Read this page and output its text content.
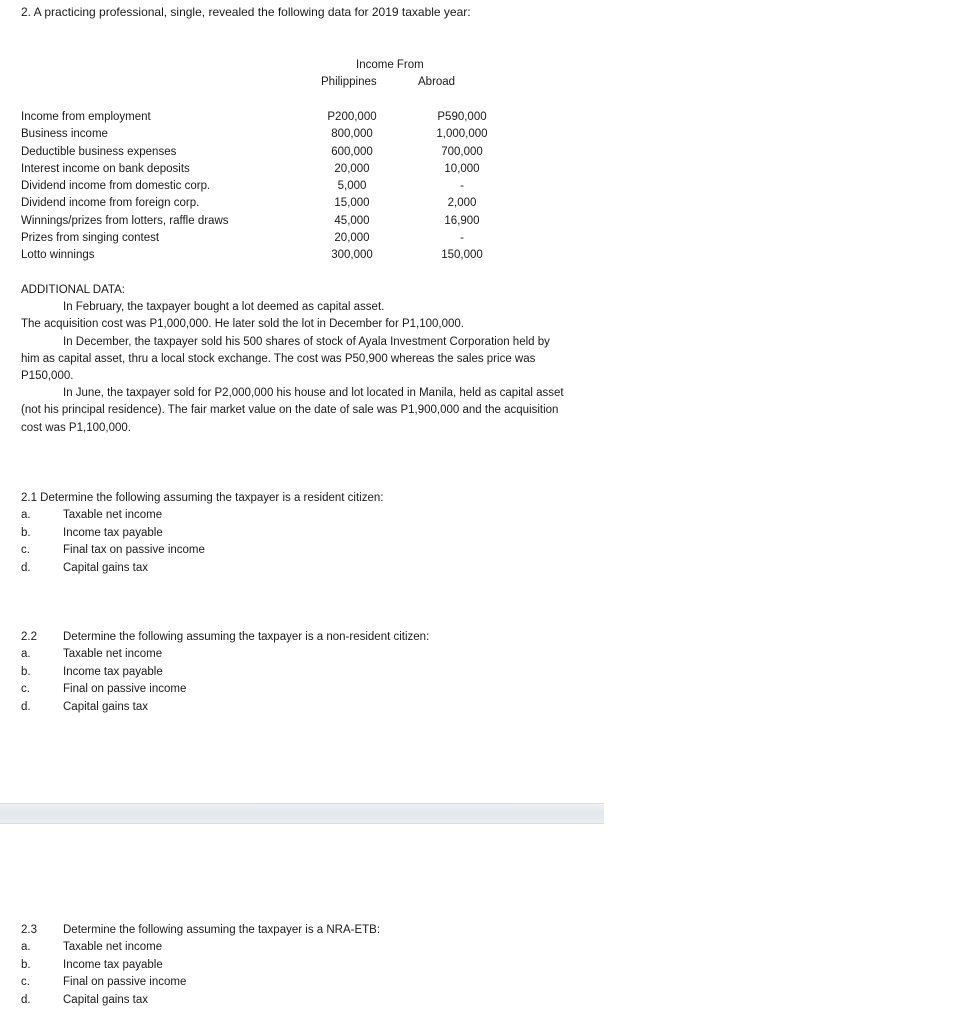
2. A practicing professional, single, revealed the following data for 2019 taxable year:
Income From
Philippines	Abroad
Income from employment	P200,000	P590,000
Business income	800,000	1,000,000
Deductible business expenses	600,000	700,000
Interest income on bank deposits	20,000	10,000
Dividend income from domestic corp.	5,000	-
Dividend income from foreign corp.	15,000	2,000
Winnings/prizes from lotters, raffle draws	45,000	16,900
Prizes from singing contest	20,000	-
Lotto winnings	300,000	150,000

ADDITIONAL DATA:

In February, the taxpayer bought a lot deemed as capital asset.

The acquisition cost was P1,000,000. He later sold the lot in December for P1,100,000.

In December, the taxpayer sold his 500 shares of stock of Ayala Investment Corporation held by him as capital asset, thru a local stock exchange. The cost was P50,900 whereas the sales price was P150,000.

In June, the taxpayer sold for P2,000,000 his house and lot located in Manila, held as capital asset (not his principal residence). The fair market value on the date of sale was P1,900,000 and the acquisition cost was P1,100,000.

2.1 Determine the following assuming the taxpayer is a resident citizen:
a.	Taxable net income
b.	Income tax payable
c.	Final tax on passive income
d.	Capital gains tax
2.2 Determine the following assuming the taxpayer is a non-resident citizen:
a.	Taxable net income
b.	Income tax payable
c.	Final on passive income
d.	Capital gains tax
2.3 Determine the following assuming the taxpayer is a NRA-ETB:
a.	Taxable net income
b.	Income tax payable
c.	Final on passive income
d.	Capital gains tax
